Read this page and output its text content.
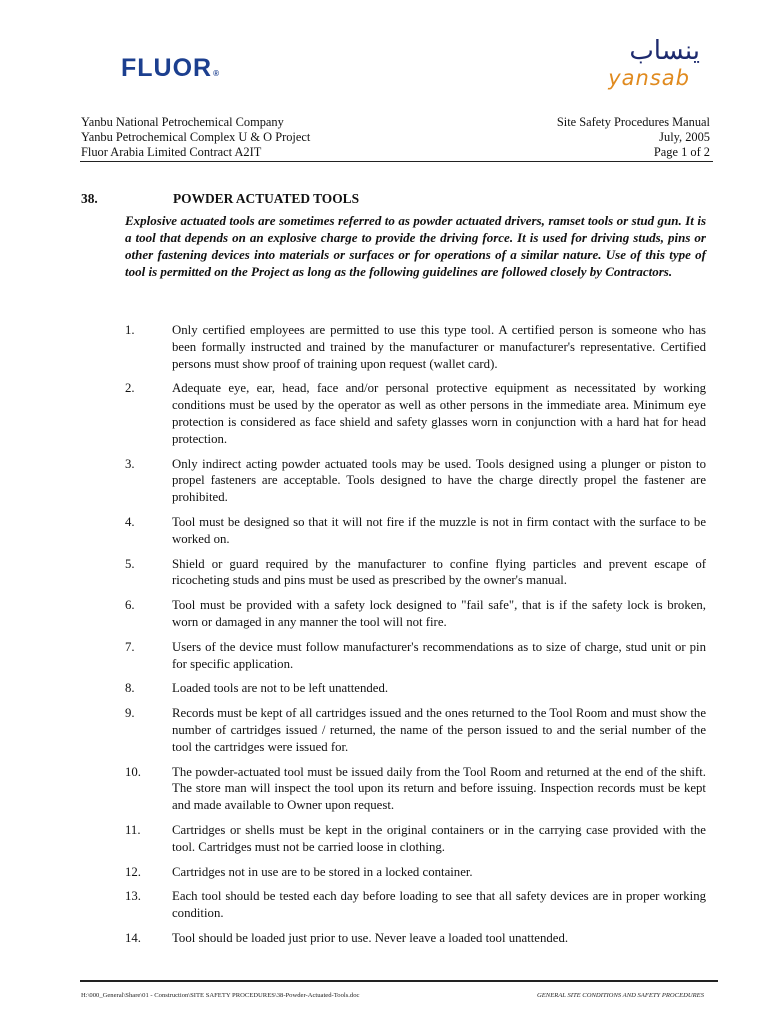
FLUOR®
ينساب
yansab
Yanbu National Petrochemical Company
Yanbu Petrochemical Complex U & O Project
Fluor Arabia Limited Contract A2IT
Site Safety Procedures Manual
July, 2005
Page 1 of 2
38.	POWDER ACTUATED TOOLS
Explosive actuated tools are sometimes referred to as powder actuated drivers, ramset tools or stud gun. It is a tool that depends on an explosive charge to provide the driving force. It is used for driving studs, pins or other fastening devices into materials or surfaces or for operations of a similar nature. Use of this type of tool is permitted on the Project as long as the following guidelines are followed closely by Contractors.
1.	Only certified employees are permitted to use this type tool. A certified person is someone who has been formally instructed and trained by the manufacturer or manufacturer's representative. Certified persons must show proof of training upon request (wallet card).
2.	Adequate eye, ear, head, face and/or personal protective equipment as necessitated by working conditions must be used by the operator as well as other persons in the immediate area. Minimum eye protection is considered as face shield and safety glasses worn in conjunction with a hard hat for head protection.
3.	Only indirect acting powder actuated tools may be used. Tools designed using a plunger or piston to propel fasteners are acceptable. Tools designed to have the charge directly propel the fastener are prohibited.
4.	Tool must be designed so that it will not fire if the muzzle is not in firm contact with the surface to be worked on.
5.	Shield or guard required by the manufacturer to confine flying particles and prevent escape of ricocheting studs and pins must be used as prescribed by the owner's manual.
6.	Tool must be provided with a safety lock designed to "fail safe", that is if the safety lock is broken, worn or damaged in any manner the tool will not fire.
7.	Users of the device must follow manufacturer's recommendations as to size of charge, stud unit or pin for specific application.
8.	Loaded tools are not to be left unattended.
9.	Records must be kept of all cartridges issued and the ones returned to the Tool Room and must show the number of cartridges issued / returned, the name of the person issued to and the serial number of the tool the cartridges were issued for.
10.	The powder-actuated tool must be issued daily from the Tool Room and returned at the end of the shift. The store man will inspect the tool upon its return and before issuing. Inspection records must be kept and made available to Owner upon request.
11.	Cartridges or shells must be kept in the original containers or in the carrying case provided with the tool. Cartridges must not be carried loose in clothing.
12.	Cartridges not in use are to be stored in a locked container.
13.	Each tool should be tested each day before loading to see that all safety devices are in proper working condition.
14.	Tool should be loaded just prior to use. Never leave a loaded tool unattended.
H:\000_General\Share\01 - Construction\SITE SAFETY PROCEDURES\38-Powder-Actuated-Tools.doc	GENERAL SITE CONDITIONS AND SAFETY PROCEDURES
